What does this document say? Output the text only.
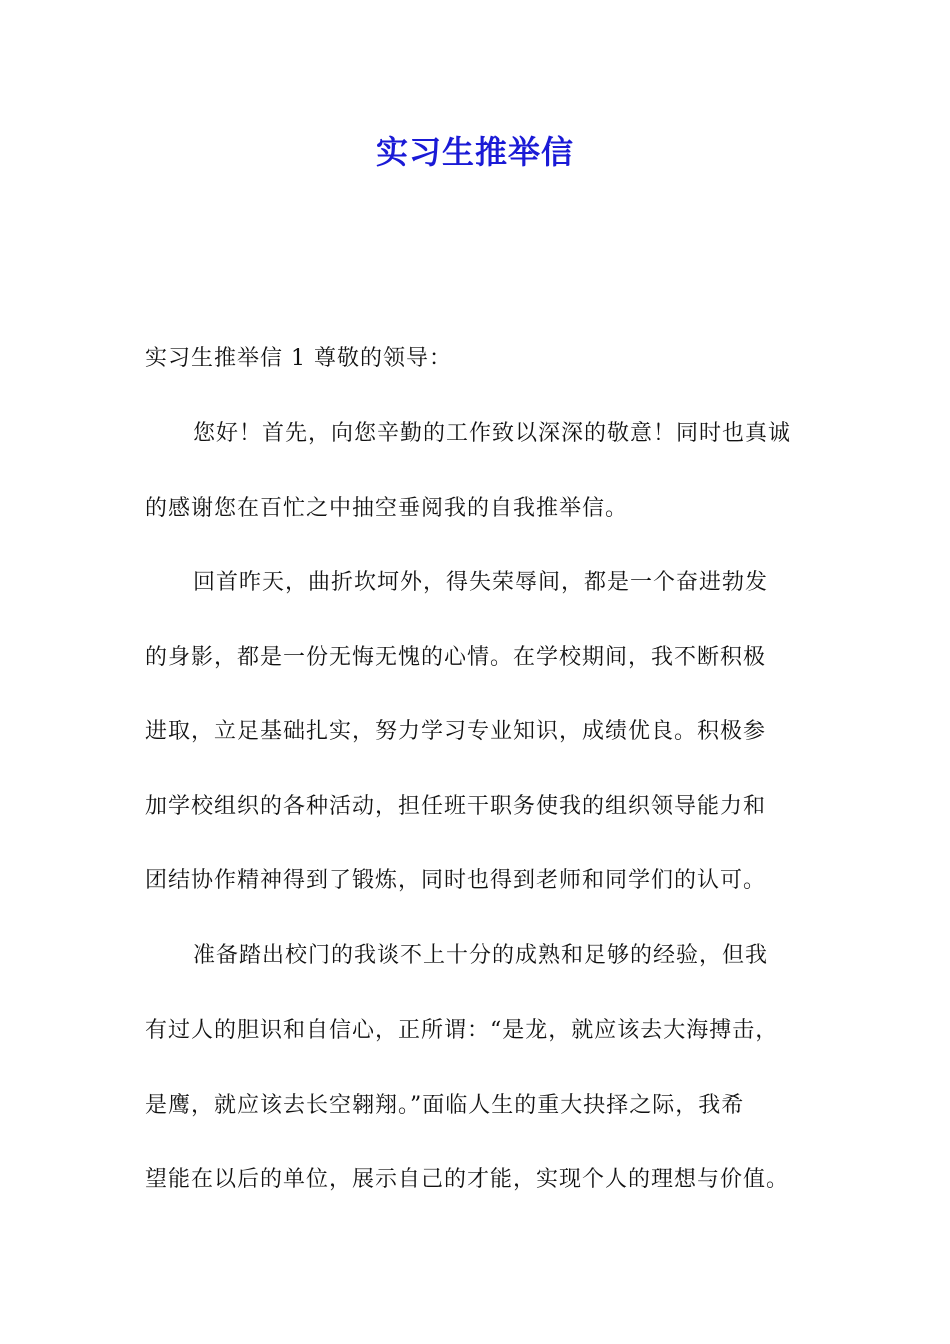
实习生推举信

实习生推举信 1 尊敬的领导：

您好！首先，向您辛勤的工作致以深深的敬意！同时也真诚

的感谢您在百忙之中抽空垂阅我的自我推举信。

回首昨天，曲折坎坷外，得失荣辱间，都是一个奋进勃发

的身影，都是一份无悔无愧的心情。在学校期间，我不断积极

进取，立足基础扎实，努力学习专业知识，成绩优良。积极参

加学校组织的各种活动，担任班干职务使我的组织领导能力和

团结协作精神得到了锻炼，同时也得到老师和同学们的认可。

准备踏出校门的我谈不上十分的成熟和足够的经验，但我

有过人的胆识和自信心，正所谓：“是龙，就应该去大海搏击，

是鹰，就应该去长空翱翔。”面临人生的重大抉择之际，我希

望能在以后的单位，展示自己的才能，实现个人的理想与价值。
